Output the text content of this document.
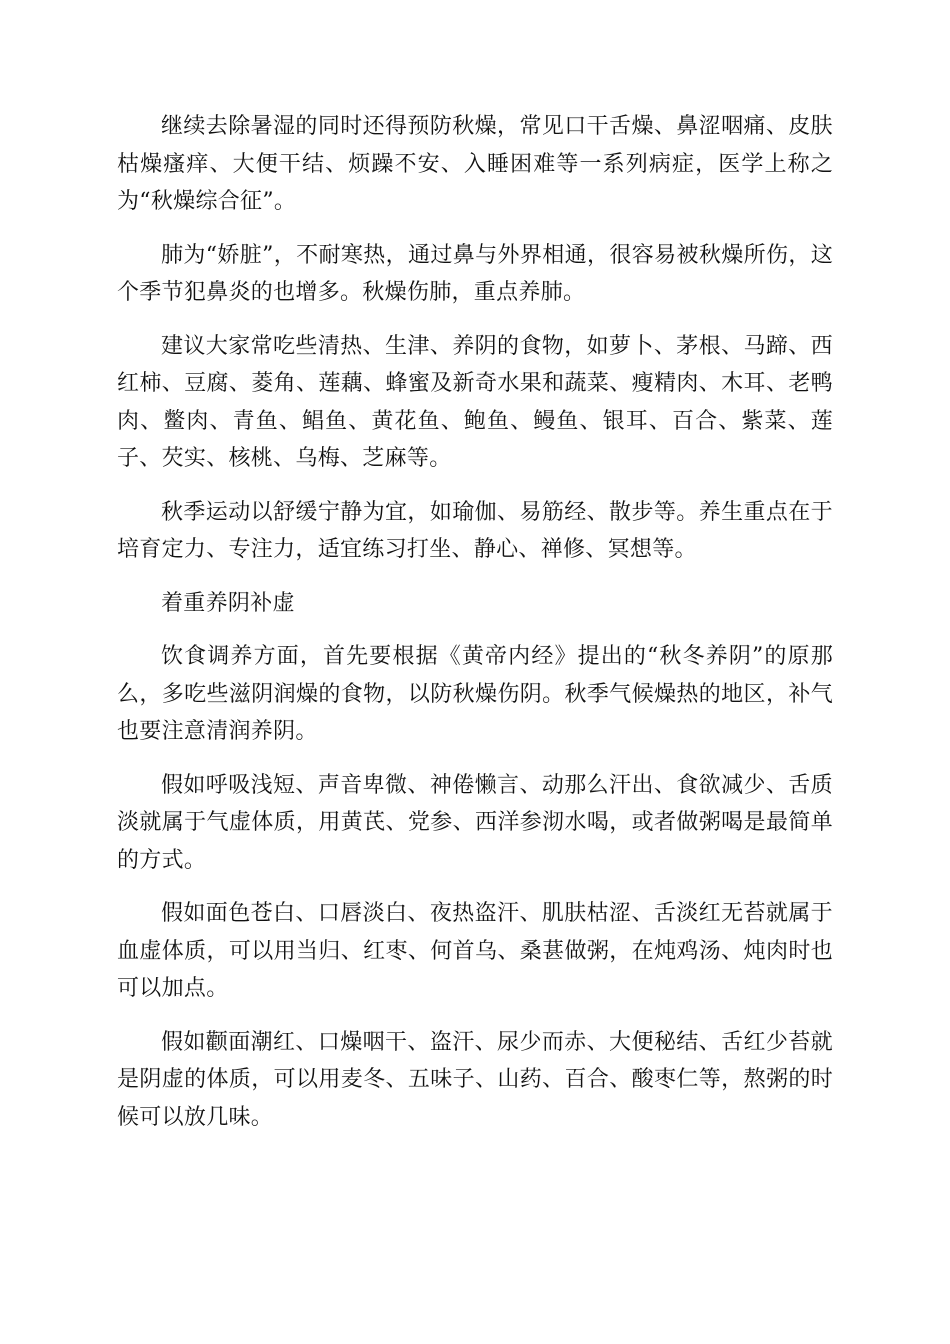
继续去除暑湿的同时还得预防秋燥，常见口干舌燥、鼻涩咽痛、皮肤枯燥瘙痒、大便干结、烦躁不安、入睡困难等一系列病症，医学上称之为“秋燥综合征”。

肺为“娇脏”，不耐寒热，通过鼻与外界相通，很容易被秋燥所伤，这个季节犯鼻炎的也增多。秋燥伤肺，重点养肺。

建议大家常吃些清热、生津、养阴的食物，如萝卜、茅根、马蹄、西红柿、豆腐、菱角、莲藕、蜂蜜及新奇水果和蔬菜、瘦精肉、木耳、老鸭肉、鳖肉、青鱼、鲳鱼、黄花鱼、鲍鱼、鳗鱼、银耳、百合、紫菜、莲子、芡实、核桃、乌梅、芝麻等。

秋季运动以舒缓宁静为宜，如瑜伽、易筋经、散步等。养生重点在于培育定力、专注力，适宜练习打坐、静心、禅修、冥想等。

着重养阴补虚

饮食调养方面，首先要根据《黄帝内经》提出的“秋冬养阴”的原那么，多吃些滋阴润燥的食物，以防秋燥伤阴。秋季气候燥热的地区，补气也要注意清润养阴。

假如呼吸浅短、声音卑微、神倦懒言、动那么汗出、食欲减少、舌质淡就属于气虚体质，用黄芪、党参、西洋参沏水喝，或者做粥喝是最简单的方式。

假如面色苍白、口唇淡白、夜热盗汗、肌肤枯涩、舌淡红无苔就属于血虚体质，可以用当归、红枣、何首乌、桑葚做粥，在炖鸡汤、炖肉时也可以加点。

假如颧面潮红、口燥咽干、盗汗、尿少而赤、大便秘结、舌红少苔就是阴虚的体质，可以用麦冬、五味子、山药、百合、酸枣仁等，熬粥的时候可以放几味。
